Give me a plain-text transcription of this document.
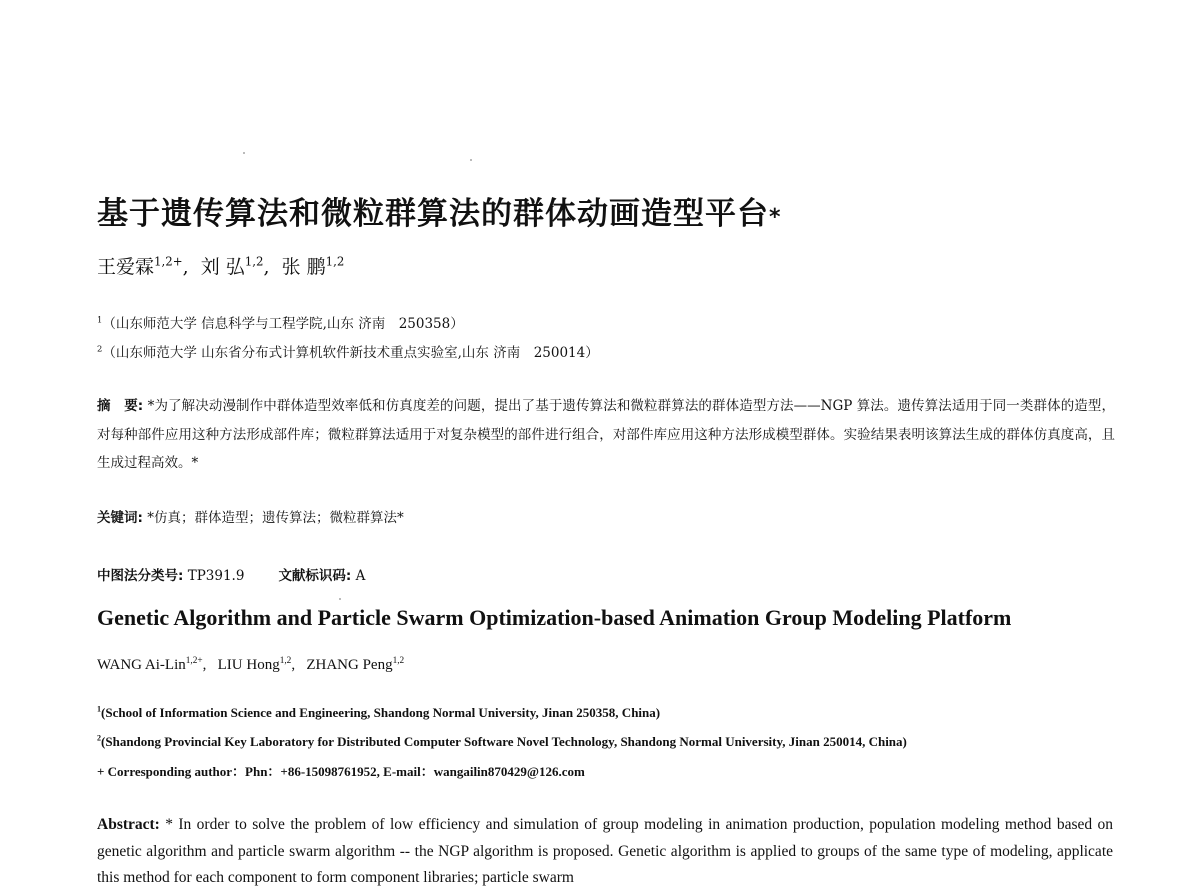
基于遗传算法和微粒群算法的群体动画造型平台*
王爱霖$^{1,2+}$,  刘 弘$^{1,2}$,  张 鹏$^{1,2}$
$^1$（山东师范大学 信息科学与工程学院,山东 济南　250358）
$^2$（山东师范大学 山东省分布式计算机软件新技术重点实验室,山东 济南　250014）
摘　要: *为了解决动漫制作中群体造型效率低和仿真度差的问题，提出了基于遗传算法和微粒群算法的群体造型方法——NGP 算法。遗传算法适用于同一类群体的造型，对每种部件应用这种方法形成部件库；微粒群算法适用于对复杂模型的部件进行组合，对部件库应用这种方法形成模型群体。实验结果表明该算法生成的群体仿真度高，且生成过程高效。*
关键词: *仿真；群体造型；遗传算法；微粒群算法*
中图法分类号: TP391.9	文献标识码: A
Genetic Algorithm and Particle Swarm Optimization-based Animation Group Modeling Platform
WANG Ai-Lin$^{1,2+}$,   LIU Hong$^{1,2}$,   ZHANG Peng$^{1,2}$
$^1$(School of Information Science and Engineering, Shandong Normal University, Jinan 250358, China)
$^2$(Shandong Provincial Key Laboratory for Distributed Computer Software Novel Technology, Shandong Normal University, Jinan 250014, China)
+ Corresponding author：Phn：+86-15098761952, E-mail：wangailin870429@126.com
Abstract: * In order to solve the problem of low efficiency and simulation of group modeling in animation production, population modeling method based on genetic algorithm and particle swarm algorithm -- the NGP algorithm is proposed. Genetic algorithm is applied to groups of the same type of modeling, applicate this method for each component to form component libraries; particle swarm
